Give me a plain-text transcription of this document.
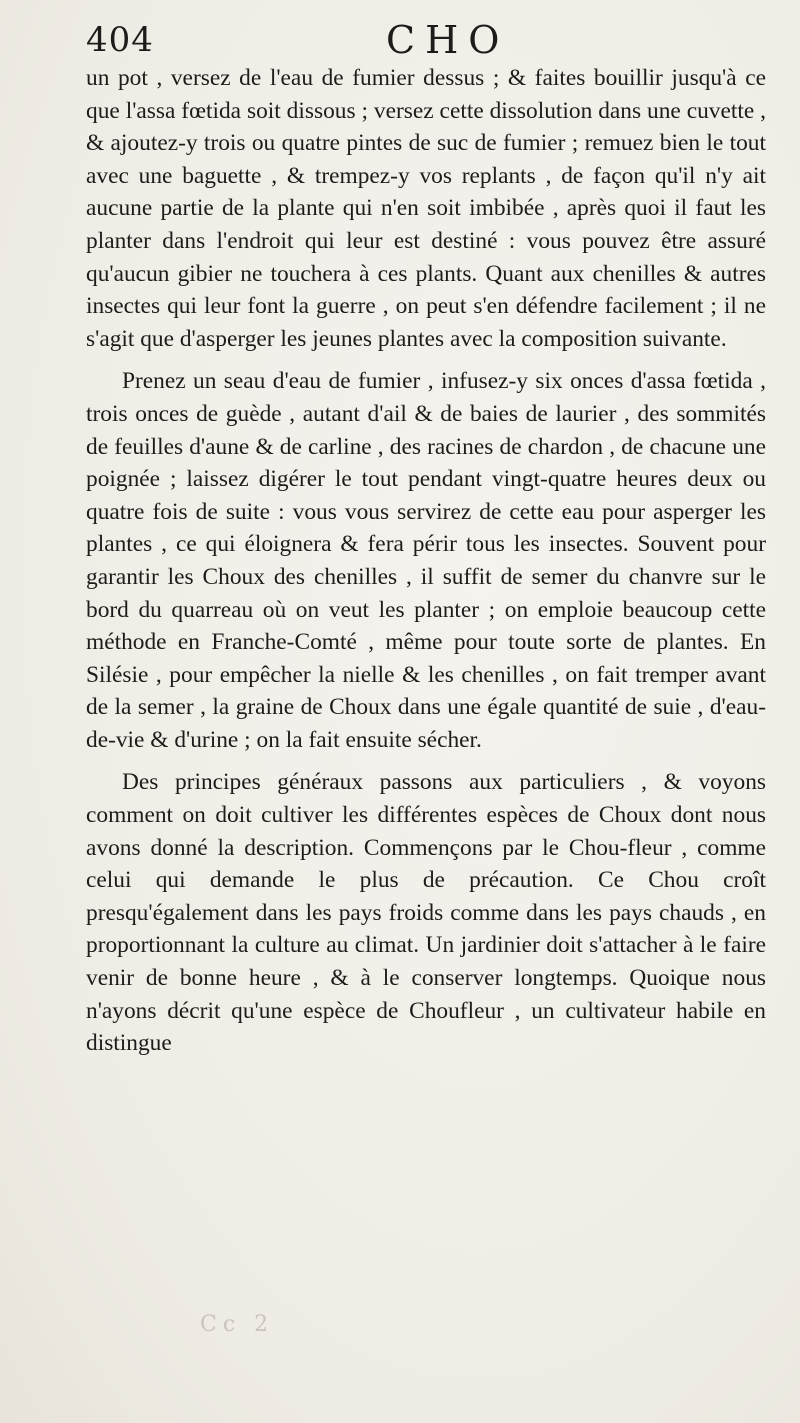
404	CHO

un pot , versez de l'eau de fumier dessus ; & faites bouillir jusqu'à ce que l'assa fœtida soit dissous ; versez cette dissolution dans une cuvette , & ajoutez-y trois ou quatre pintes de suc de fumier ; remuez bien le tout avec une baguette , & trempez-y vos replants , de façon qu'il n'y ait aucune partie de la plante qui n'en soit imbibée , après quoi il faut les planter dans l'endroit qui leur est destiné : vous pouvez être assuré qu'aucun gibier ne touchera à ces plants. Quant aux chenilles & autres insectes qui leur font la guerre , on peut s'en défendre facilement ; il ne s'agit que d'asperger les jeunes plantes avec la composition suivante.

Prenez un seau d'eau de fumier , infusez-y six onces d'assa fœtida , trois onces de guède , autant d'ail & de baies de laurier , des sommités de feuilles d'aune & de carline , des racines de chardon , de chacune une poignée ; laissez digérer le tout pendant vingt-quatre heures deux ou quatre fois de suite : vous vous servirez de cette eau pour asperger les plantes , ce qui éloignera & fera périr tous les insectes. Souvent pour garantir les Choux des chenilles , il suffit de semer du chanvre sur le bord du quarreau où on veut les planter ; on emploie beaucoup cette méthode en Franche-Comté , même pour toute sorte de plantes. En Silésie , pour empêcher la nielle & les chenilles , on fait tremper avant de la semer , la graine de Choux dans une égale quantité de suie , d'eau-de-vie & d'urine ; on la fait ensuite sécher.

Des principes généraux passons aux particuliers , & voyons comment on doit cultiver les différentes espèces de Choux dont nous avons donné la description. Commençons par le Chou-fleur , comme celui qui demande le plus de précaution. Ce Chou croît presqu'également dans les pays froids comme dans les pays chauds , en proportionnant la culture au climat. Un jardinier doit s'attacher à le faire venir de bonne heure , & à le conserver longtemps. Quoique nous n'ayons décrit qu'une espèce de Choufleur , un cultivateur habile en distingue

Cc 2
